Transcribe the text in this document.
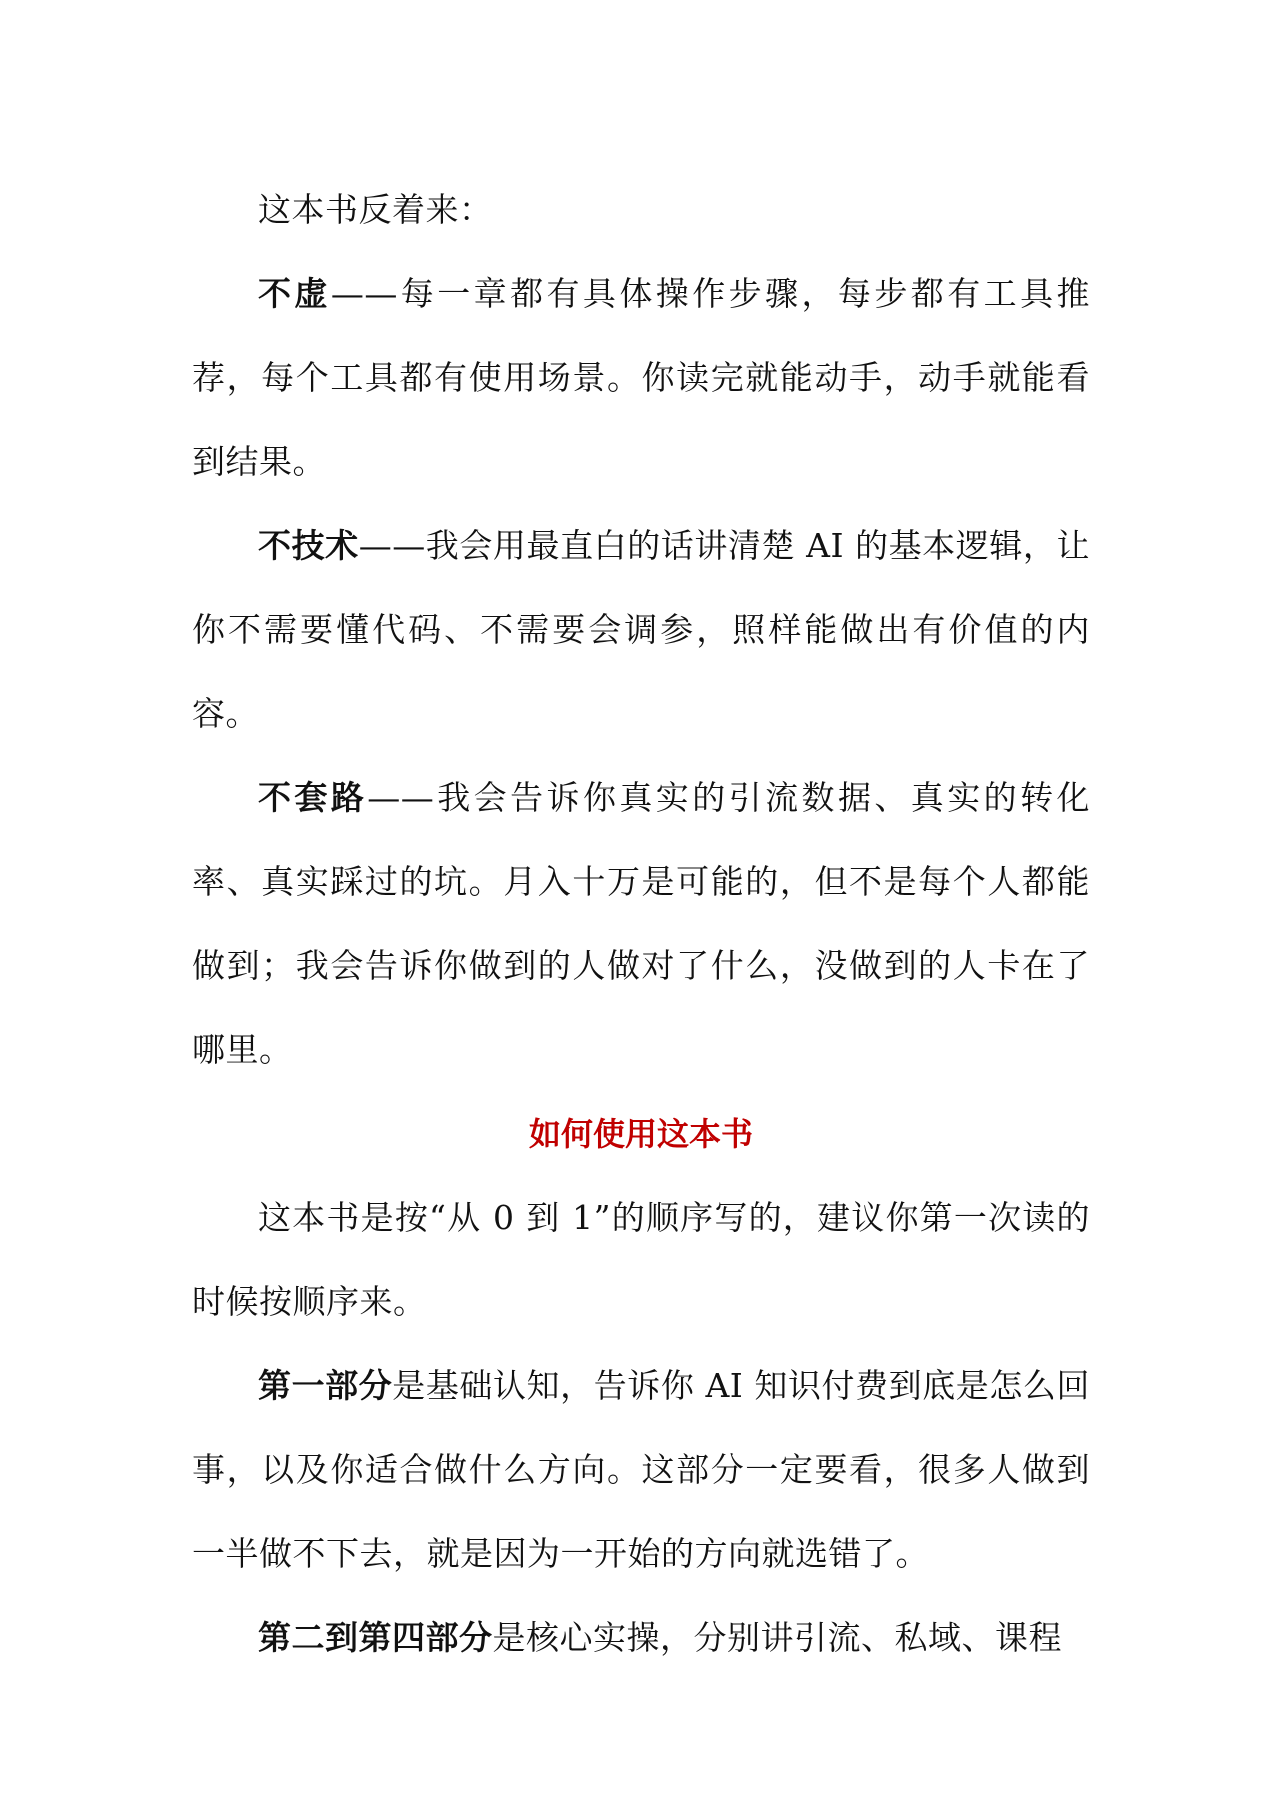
这本书反着来：

不虚——每一章都有具体操作步骤，每步都有工具推荐，每个工具都有使用场景。你读完就能动手，动手就能看到结果。

不技术——我会用最直白的话讲清楚 AI 的基本逻辑，让你不需要懂代码、不需要会调参，照样能做出有价值的内容。

不套路——我会告诉你真实的引流数据、真实的转化率、真实踩过的坑。月入十万是可能的，但不是每个人都能做到；我会告诉你做到的人做对了什么，没做到的人卡在了哪里。

如何使用这本书

这本书是按“从 0 到 1”的顺序写的，建议你第一次读的时候按顺序来。

第一部分是基础认知，告诉你 AI 知识付费到底是怎么回事，以及你适合做什么方向。这部分一定要看，很多人做到一半做不下去，就是因为一开始的方向就选错了。

第二到第四部分是核心实操，分别讲引流、私域、课程
